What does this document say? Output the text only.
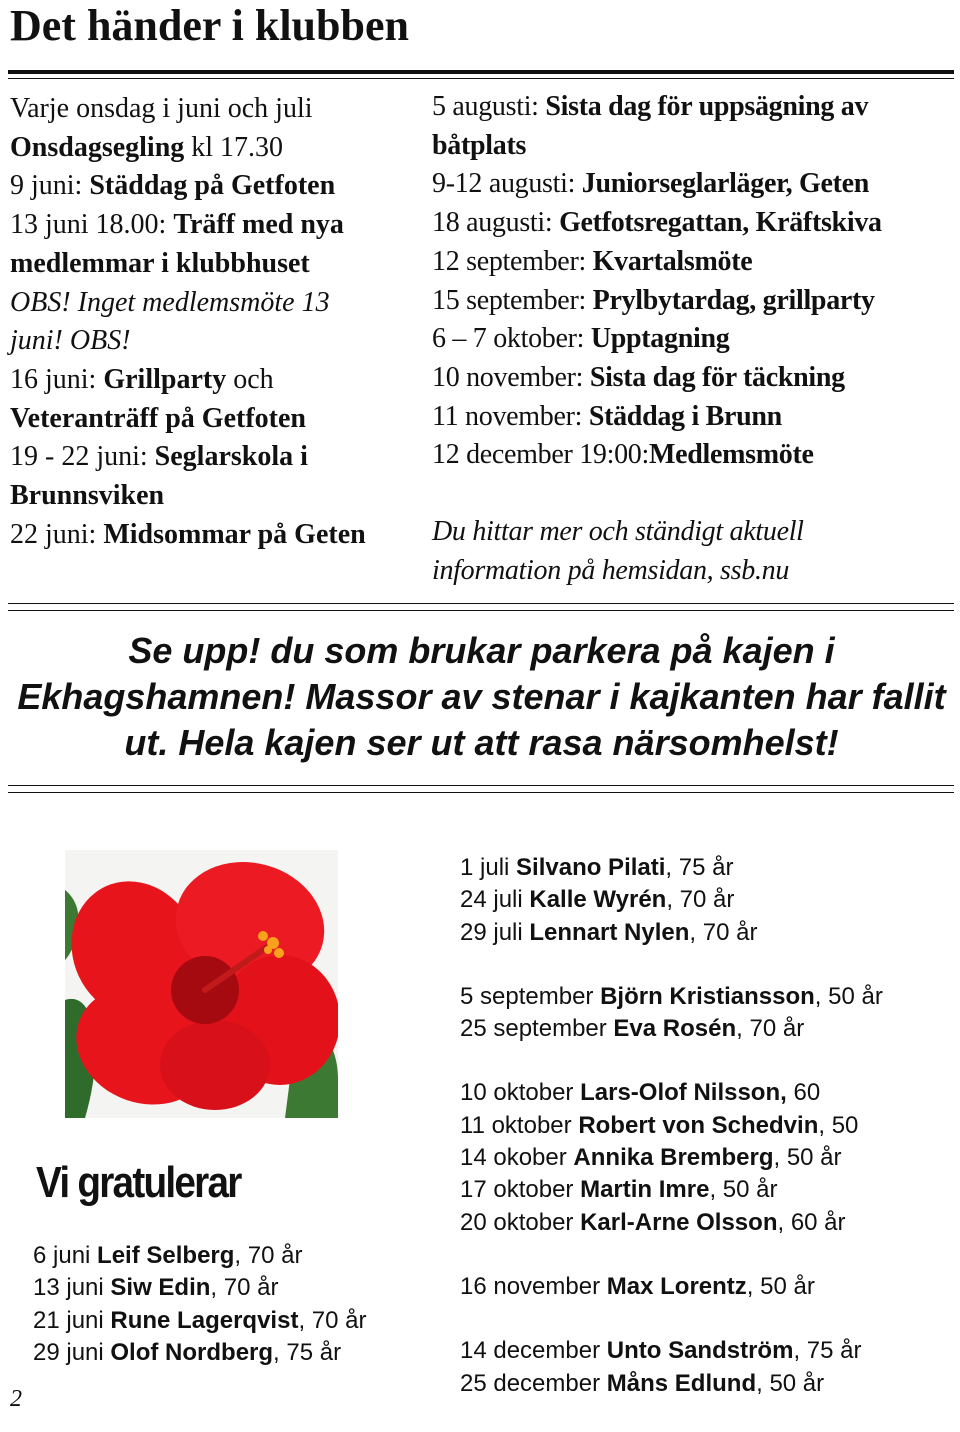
Det händer i klubben
Varje onsdag i juni och juli
Onsdagsegling kl 17.30
9 juni: Städdag på Getfoten
13 juni 18.00: Träff med nya
medlemmar i klubbhuset
OBS! Inget medlemsmöte 13
juni! OBS!
16 juni: Grillparty och
Veteranträff på Getfoten
19 - 22 juni: Seglarskola i
Brunnsviken
22 juni: Midsommar på Geten
5 augusti: Sista dag för uppsägning av
båtplats
9-12 augusti: Juniorseglarläger, Geten
18 augusti: Getfotsregattan, Kräftskiva
12 september: Kvartalsmöte
15 september: Prylbytardag, grillparty
6 – 7 oktober: Upptagning
10 november: Sista dag för täckning
11 november: Städdag i Brunn
12 december 19:00:Medlemsmöte
Du hittar mer och ständigt aktuell
information på hemsidan, ssb.nu

Se upp! du som brukar parkera på kajen i Ekhagshamnen! Massor av stenar i kajkanten har fallit ut. Hela kajen ser ut att rasa närsomhelst!

Vi gratulerar
6 juni Leif Selberg, 70 år
13 juni Siw Edin, 70 år
21 juni Rune Lagerqvist, 70 år
29 juni Olof Nordberg, 75 år
1 juli Silvano Pilati, 75 år
24 juli Kalle Wyrén, 70 år
29 juli Lennart Nylen, 70 år
5 september Björn Kristiansson, 50 år
25 september Eva Rosén, 70 år
10 oktober Lars-Olof Nilsson, 60
11 oktober Robert von Schedvin, 50
14 okober Annika Bremberg, 50 år
17 oktober Martin Imre, 50 år
20 oktober Karl-Arne Olsson, 60 år
16 november Max Lorentz, 50 år
14 december Unto Sandström, 75 år
25 december Måns Edlund, 50 år
2
